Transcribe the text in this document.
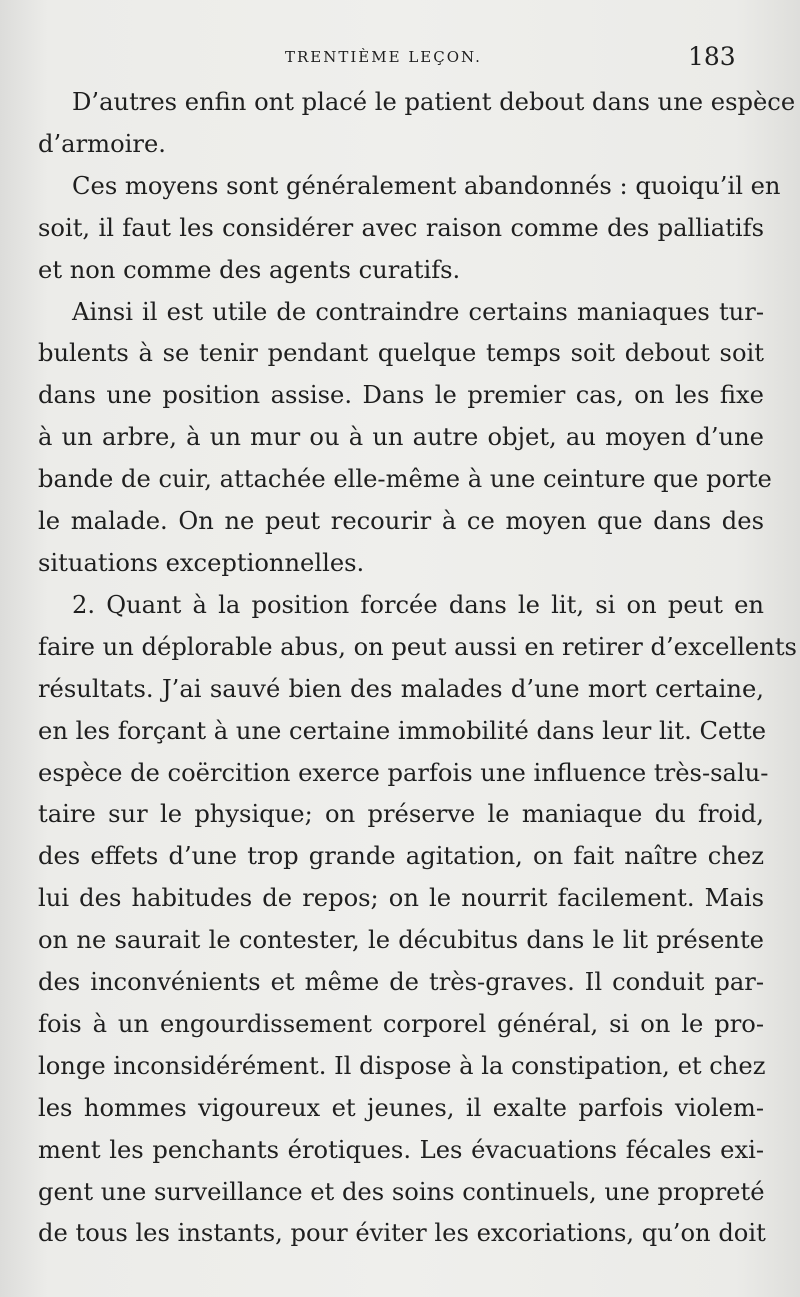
TRENTIÈME LEÇON.	183

D’autres enfin ont placé le patient debout dans une espèce
d’armoire.

Ces moyens sont généralement abandonnés : quoiqu’il en
soit, il faut les considérer avec raison comme des palliatifs
et non comme des agents curatifs.

Ainsi il est utile de contraindre certains maniaques tur-
bulents à se tenir pendant quelque temps soit debout soit
dans une position assise. Dans le premier cas, on les fixe
à un arbre, à un mur ou à un autre objet, au moyen d’une
bande de cuir, attachée elle-même à une ceinture que porte
le malade. On ne peut recourir à ce moyen que dans des
situations exceptionnelles.

2. Quant à la position forcée dans le lit, si on peut en
faire un déplorable abus, on peut aussi en retirer d’excellents
résultats. J’ai sauvé bien des malades d’une mort certaine,
en les forçant à une certaine immobilité dans leur lit. Cette
espèce de coërcition exerce parfois une influence très-salu-
taire sur le physique; on préserve le maniaque du froid,
des effets d’une trop grande agitation, on fait naître chez
lui des habitudes de repos; on le nourrit facilement. Mais
on ne saurait le contester, le décubitus dans le lit présente
des inconvénients et même de très-graves. Il conduit par-
fois à un engourdissement corporel général, si on le pro-
longe inconsidérément. Il dispose à la constipation, et chez
les hommes vigoureux et jeunes, il exalte parfois violem-
ment les penchants érotiques. Les évacuations fécales exi-
gent une surveillance et des soins continuels, une propreté
de tous les instants, pour éviter les excoriations, qu’on doit
